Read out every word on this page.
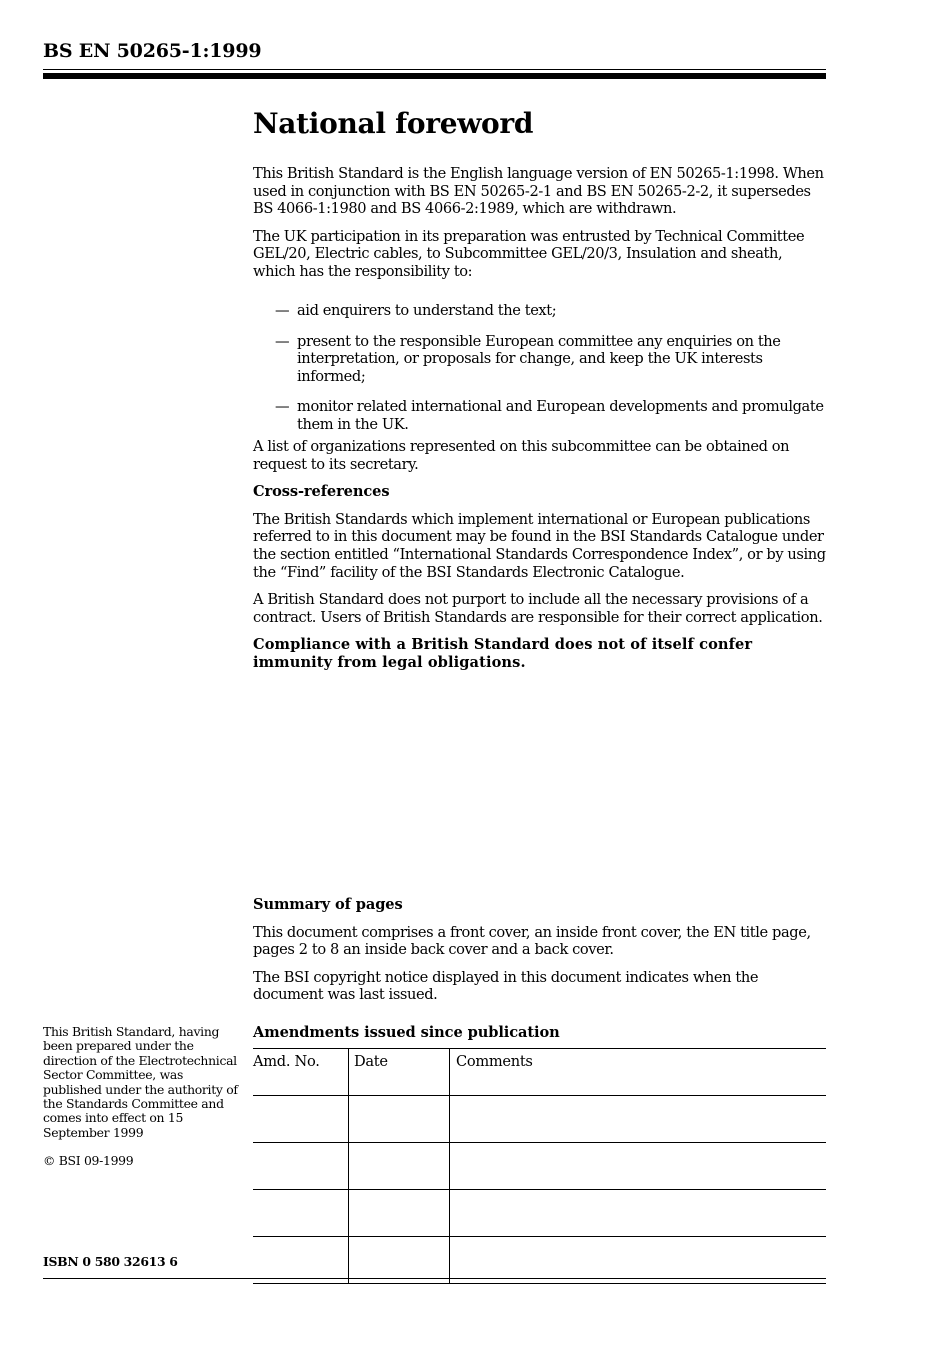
BS EN 50265-1:1999
National foreword

This British Standard is the English language version of EN 50265-1:1998. When used in conjunction with BS EN 50265-2-1 and BS EN 50265-2-2, it supersedes BS 4066-1:1980 and BS 4066-2:1989, which are withdrawn.

The UK participation in its preparation was entrusted by Technical Committee GEL/20, Electric cables, to Subcommittee GEL/20/3, Insulation and sheath, which has the responsibility to:

— aid enquirers to understand the text;
— present to the responsible European committee any enquiries on the interpretation, or proposals for change, and keep the UK interests informed;
— monitor related international and European developments and promulgate them in the UK.

A list of organizations represented on this subcommittee can be obtained on request to its secretary.

Cross-references

The British Standards which implement international or European publications referred to in this document may be found in the BSI Standards Catalogue under the section entitled “International Standards Correspondence Index”, or by using the “Find” facility of the BSI Standards Electronic Catalogue.

A British Standard does not purport to include all the necessary provisions of a contract. Users of British Standards are responsible for their correct application.

Compliance with a British Standard does not of itself confer immunity from legal obligations.

Summary of pages

This document comprises a front cover, an inside front cover, the EN title page, pages 2 to 8 an inside back cover and a back cover.

The BSI copyright notice displayed in this document indicates when the document was last issued.

Amendments issued since publication

Amd. No.	Date	Comments

This British Standard, having been prepared under the direction of the Electrotechnical Sector Committee, was published under the authority of the Standards Committee and comes into effect on 15 September 1999

© BSI 09-1999

ISBN 0 580 32613 6
